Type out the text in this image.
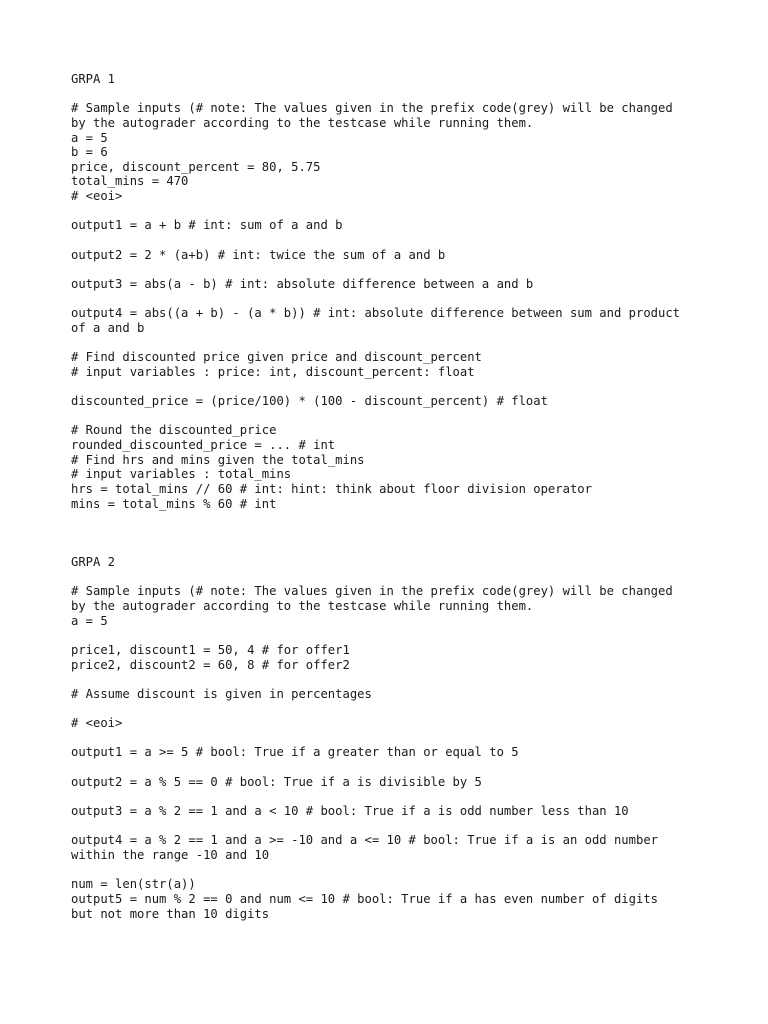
GRPA 1
# Sample inputs (# note: The values given in the prefix code(grey) will be changed
by the autograder according to the testcase while running them.
a = 5
b = 6
price, discount_percent = 80, 5.75
total_mins = 470
# <eoi>
output1 = a + b # int: sum of a and b
output2 = 2 * (a+b) # int: twice the sum of a and b
output3 = abs(a - b) # int: absolute difference between a and b
output4 = abs((a + b) - (a * b)) # int: absolute difference between sum and product
of a and b
# Find discounted price given price and discount_percent
# input variables : price: int, discount_percent: float
discounted_price = (price/100) * (100 - discount_percent) # float
# Round the discounted_price
rounded_discounted_price = ... # int
# Find hrs and mins given the total_mins
# input variables : total_mins
hrs = total_mins // 60 # int: hint: think about floor division operator
mins = total_mins % 60 # int
GRPA 2
# Sample inputs (# note: The values given in the prefix code(grey) will be changed
by the autograder according to the testcase while running them.
a = 5
price1, discount1 = 50, 4 # for offer1
price2, discount2 = 60, 8 # for offer2
# Assume discount is given in percentages
# <eoi>
output1 = a >= 5 # bool: True if a greater than or equal to 5
output2 = a % 5 == 0 # bool: True if a is divisible by 5
output3 = a % 2 == 1 and a < 10 # bool: True if a is odd number less than 10
output4 = a % 2 == 1 and a >= -10 and a <= 10 # bool: True if a is an odd number
within the range -10 and 10
num = len(str(a))
output5 = num % 2 == 0 and num <= 10 # bool: True if a has even number of digits
but not more than 10 digits
